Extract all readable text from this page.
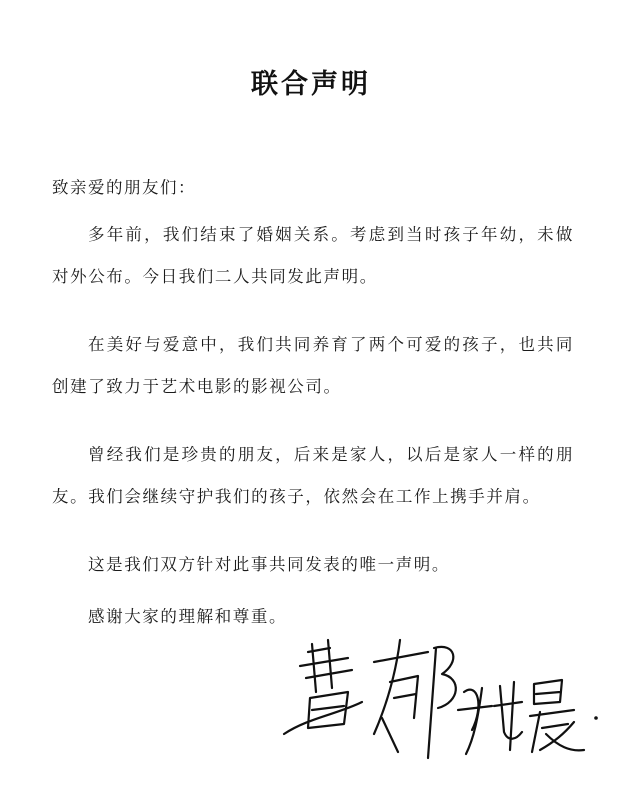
联合声明
致亲爱的朋友们：

多年前，我们结束了婚姻关系。考虑到当时孩子年幼，未做对外公布。今日我们二人共同发此声明。

在美好与爱意中，我们共同养育了两个可爱的孩子，也共同创建了致力于艺术电影的影视公司。

曾经我们是珍贵的朋友，后来是家人，以后是家人一样的朋友。我们会继续守护我们的孩子，依然会在工作上携手并肩。

这是我们双方针对此事共同发表的唯一声明。

感谢大家的理解和尊重。
